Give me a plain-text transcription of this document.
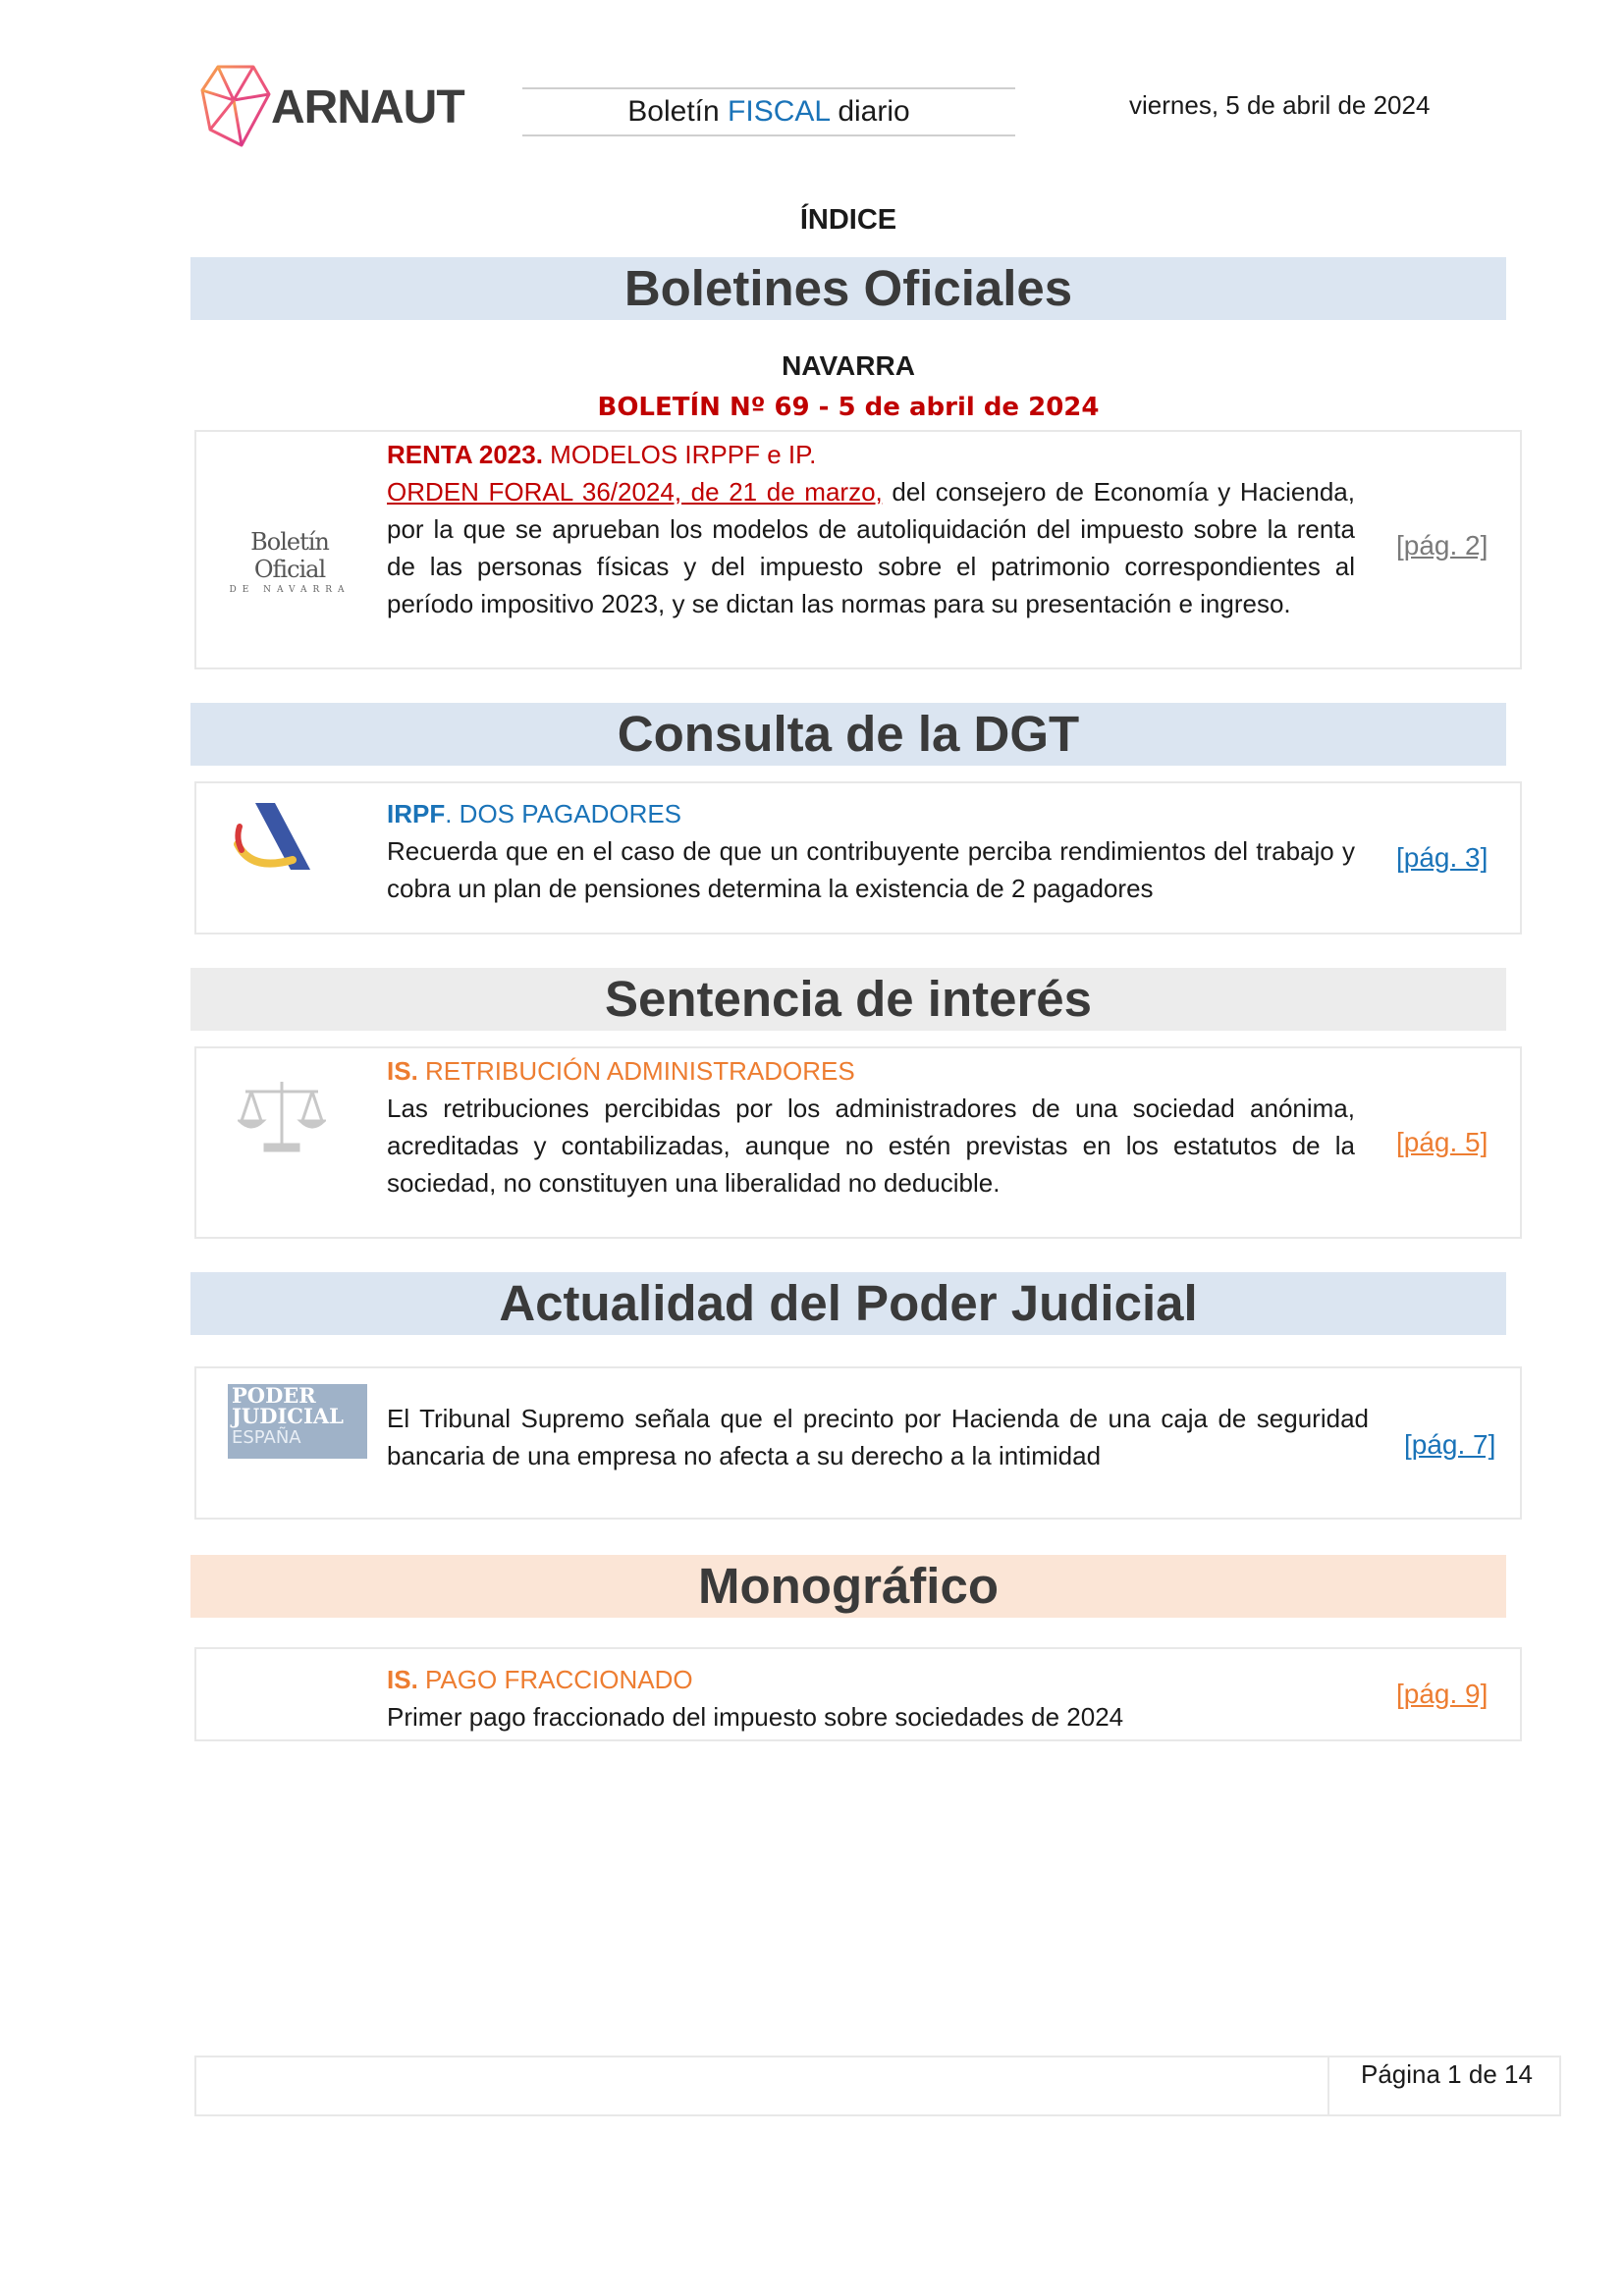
ARNAUT	Boletín FISCAL diario	viernes, 5 de abril de 2024
ÍNDICE
Boletines Oficiales
NAVARRA
BOLETÍN Nº 69 - 5 de abril de 2024
Boletín Oficial
DE NAVARRA
RENTA 2023. MODELOS IRPPF e IP.
ORDEN FORAL 36/2024, de 21 de marzo, del consejero de Economía y Hacienda, por la que se aprueban los modelos de autoliquidación del impuesto sobre la renta de las personas físicas y del impuesto sobre el patrimonio correspondientes al período impositivo 2023, y se dictan las normas para su presentación e ingreso.
[pág. 2]
Consulta de la DGT
IRPF. DOS PAGADORES
Recuerda que en el caso de que un contribuyente perciba rendimientos del trabajo y cobra un plan de pensiones determina la existencia de 2 pagadores
[pág. 3]
Sentencia de interés
IS. RETRIBUCIÓN ADMINISTRADORES
Las retribuciones percibidas por los administradores de una sociedad anónima, acreditadas y contabilizadas, aunque no estén previstas en los estatutos de la sociedad, no constituyen una liberalidad no deducible.
[pág. 5]
Actualidad del Poder Judicial
PODER
JUDICIAL
ESPAÑA
El Tribunal Supremo señala que el precinto por Hacienda de una caja de seguridad bancaria de una empresa no afecta a su derecho a la intimidad	[pág. 7]
Monográfico
IS. PAGO FRACCIONADO
Primer pago fraccionado del impuesto sobre sociedades de 2024
[pág. 9]
Página 1 de 14
